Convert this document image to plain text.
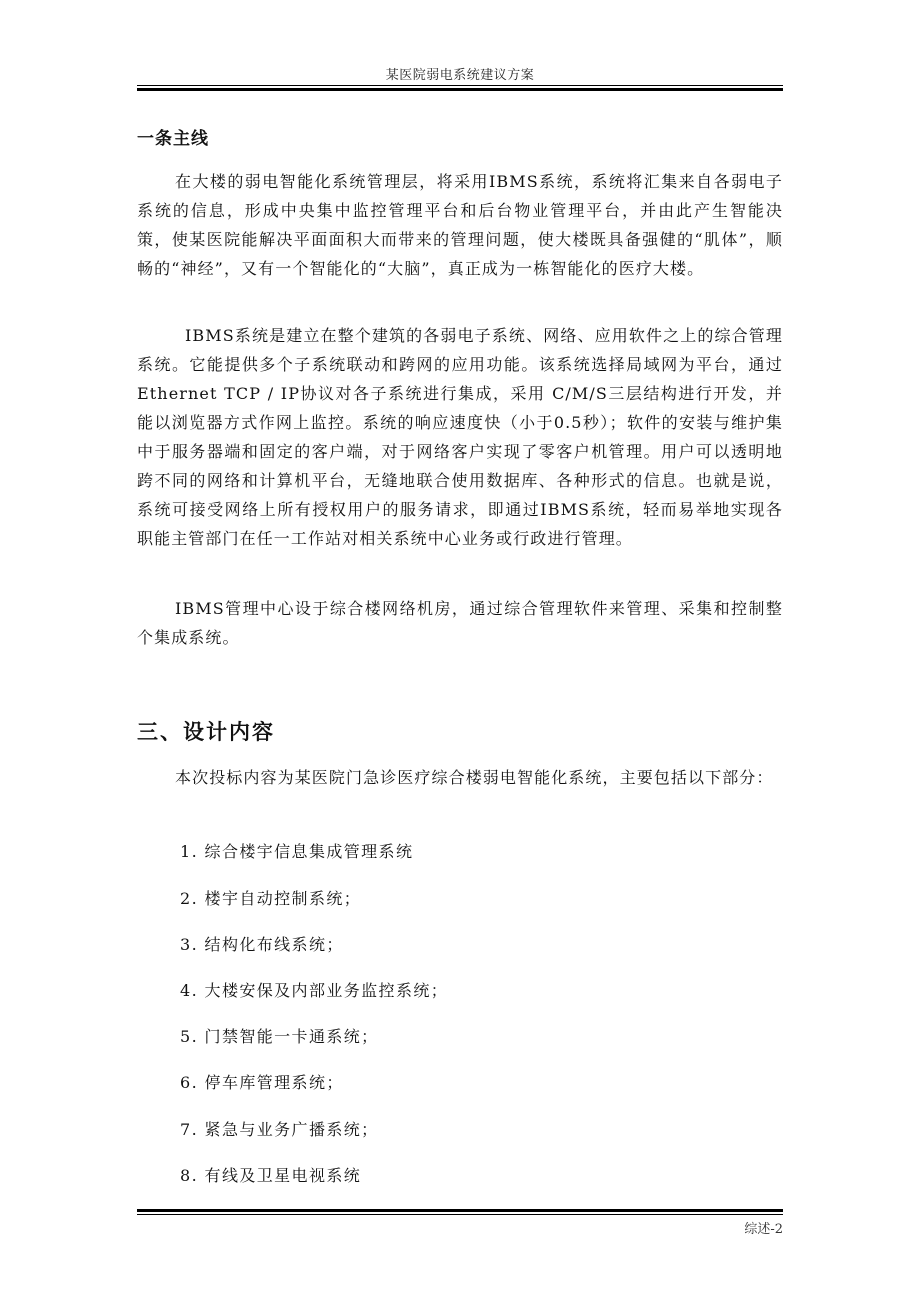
某医院弱电系统建议方案
一条主线
在大楼的弱电智能化系统管理层，将采用IBMS系统，系统将汇集来自各弱电子系统的信息，形成中央集中监控管理平台和后台物业管理平台，并由此产生智能决策，使某医院能解决平面面积大而带来的管理问题，使大楼既具备强健的“肌体”，顺畅的“神经”，又有一个智能化的“大脑”，真正成为一栋智能化的医疗大楼。
IBMS系统是建立在整个建筑的各弱电子系统、网络、应用软件之上的综合管理系统。它能提供多个子系统联动和跨网的应用功能。该系统选择局域网为平台，通过Ethernet TCP / IP协议对各子系统进行集成，采用 C/M/S三层结构进行开发，并能以浏览器方式作网上监控。系统的响应速度快（小于0.5秒）；软件的安装与维护集中于服务器端和固定的客户端，对于网络客户实现了零客户机管理。用户可以透明地跨不同的网络和计算机平台，无缝地联合使用数据库、各种形式的信息。也就是说，系统可接受网络上所有授权用户的服务请求，即通过IBMS系统，轻而易举地实现各职能主管部门在任一工作站对相关系统中心业务或行政进行管理。
IBMS管理中心设于综合楼网络机房，通过综合管理软件来管理、采集和控制整个集成系统。
三、设计内容
本次投标内容为某医院门急诊医疗综合楼弱电智能化系统，主要包括以下部分：
1. 综合楼宇信息集成管理系统
2. 楼宇自动控制系统；
3. 结构化布线系统；
4. 大楼安保及内部业务监控系统；
5. 门禁智能一卡通系统；
6. 停车库管理系统；
7. 紧急与业务广播系统；
8. 有线及卫星电视系统
综述-2
